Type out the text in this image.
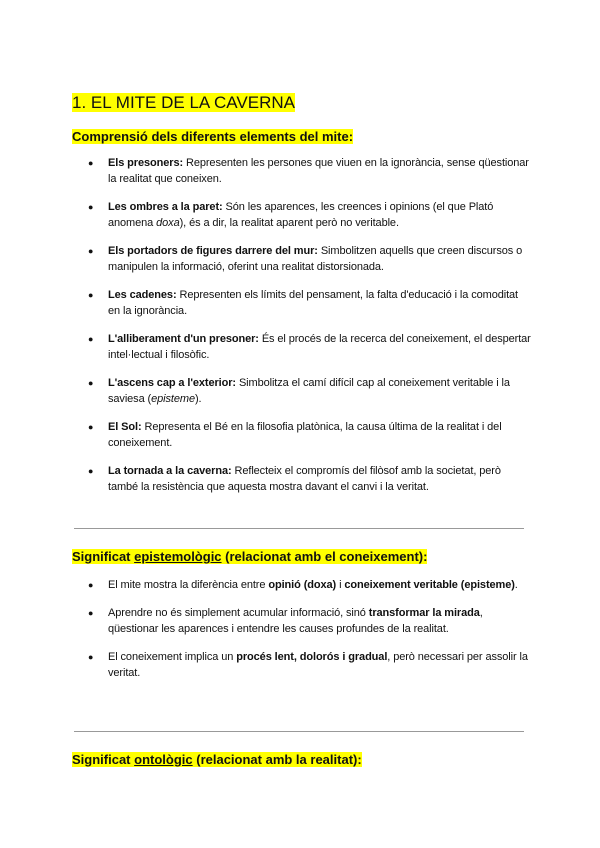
1. EL MITE DE LA CAVERNA
Comprensió dels diferents elements del mite:
● Els presoners: Representen les persones que viuen en la ignorància, sense qüestionar la realitat que coneixen.
● Les ombres a la paret: Són les aparences, les creences i opinions (el que Plató anomena doxa), és a dir, la realitat aparent però no veritable.
● Els portadors de figures darrere del mur: Simbolitzen aquells que creen discursos o manipulen la informació, oferint una realitat distorsionada.
● Les cadenes: Representen els límits del pensament, la falta d'educació i la comoditat en la ignorància.
● L'alliberament d'un presoner: És el procés de la recerca del coneixement, el despertar intel·lectual i filosòfic.
● L'ascens cap a l'exterior: Simbolitza el camí difícil cap al coneixement veritable i la saviesa (episteme).
● El Sol: Representa el Bé en la filosofia platònica, la causa última de la realitat i del coneixement.
● La tornada a la caverna: Reflecteix el compromís del filòsof amb la societat, però també la resistència que aquesta mostra davant el canvi i la veritat.
Significat epistemològic (relacionat amb el coneixement):
● El mite mostra la diferència entre opinió (doxa) i coneixement veritable (episteme).
● Aprendre no és simplement acumular informació, sinó transformar la mirada, qüestionar les aparences i entendre les causes profundes de la realitat.
● El coneixement implica un procés lent, dolorós i gradual, però necessari per assolir la veritat.
Significat ontològic (relacionat amb la realitat):
